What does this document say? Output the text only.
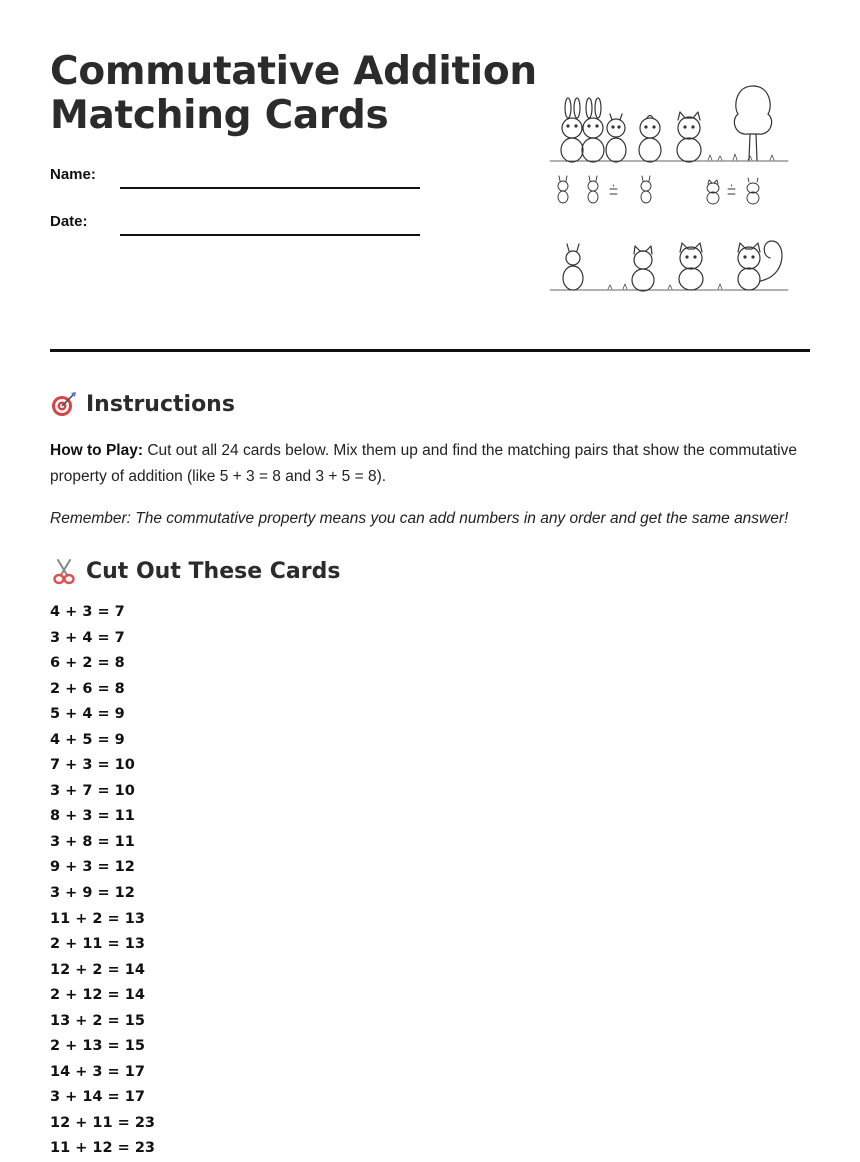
Commutative Addition
Matching Cards
Name:
Date:
Instructions

How to Play: Cut out all 24 cards below. Mix them up and find the matching pairs that show the commutative property of addition (like 5 + 3 = 8 and 3 + 5 = 8).

Remember: The commutative property means you can add numbers in any order and get the same answer!

Cut Out These Cards
4 + 3 = 7
3 + 4 = 7
6 + 2 = 8
2 + 6 = 8
5 + 4 = 9
4 + 5 = 9
7 + 3 = 10
3 + 7 = 10
8 + 3 = 11
3 + 8 = 11
9 + 3 = 12
3 + 9 = 12
11 + 2 = 13
2 + 11 = 13
12 + 2 = 14
2 + 12 = 14
13 + 2 = 15
2 + 13 = 15
14 + 3 = 17
3 + 14 = 17
12 + 11 = 23
11 + 12 = 23
